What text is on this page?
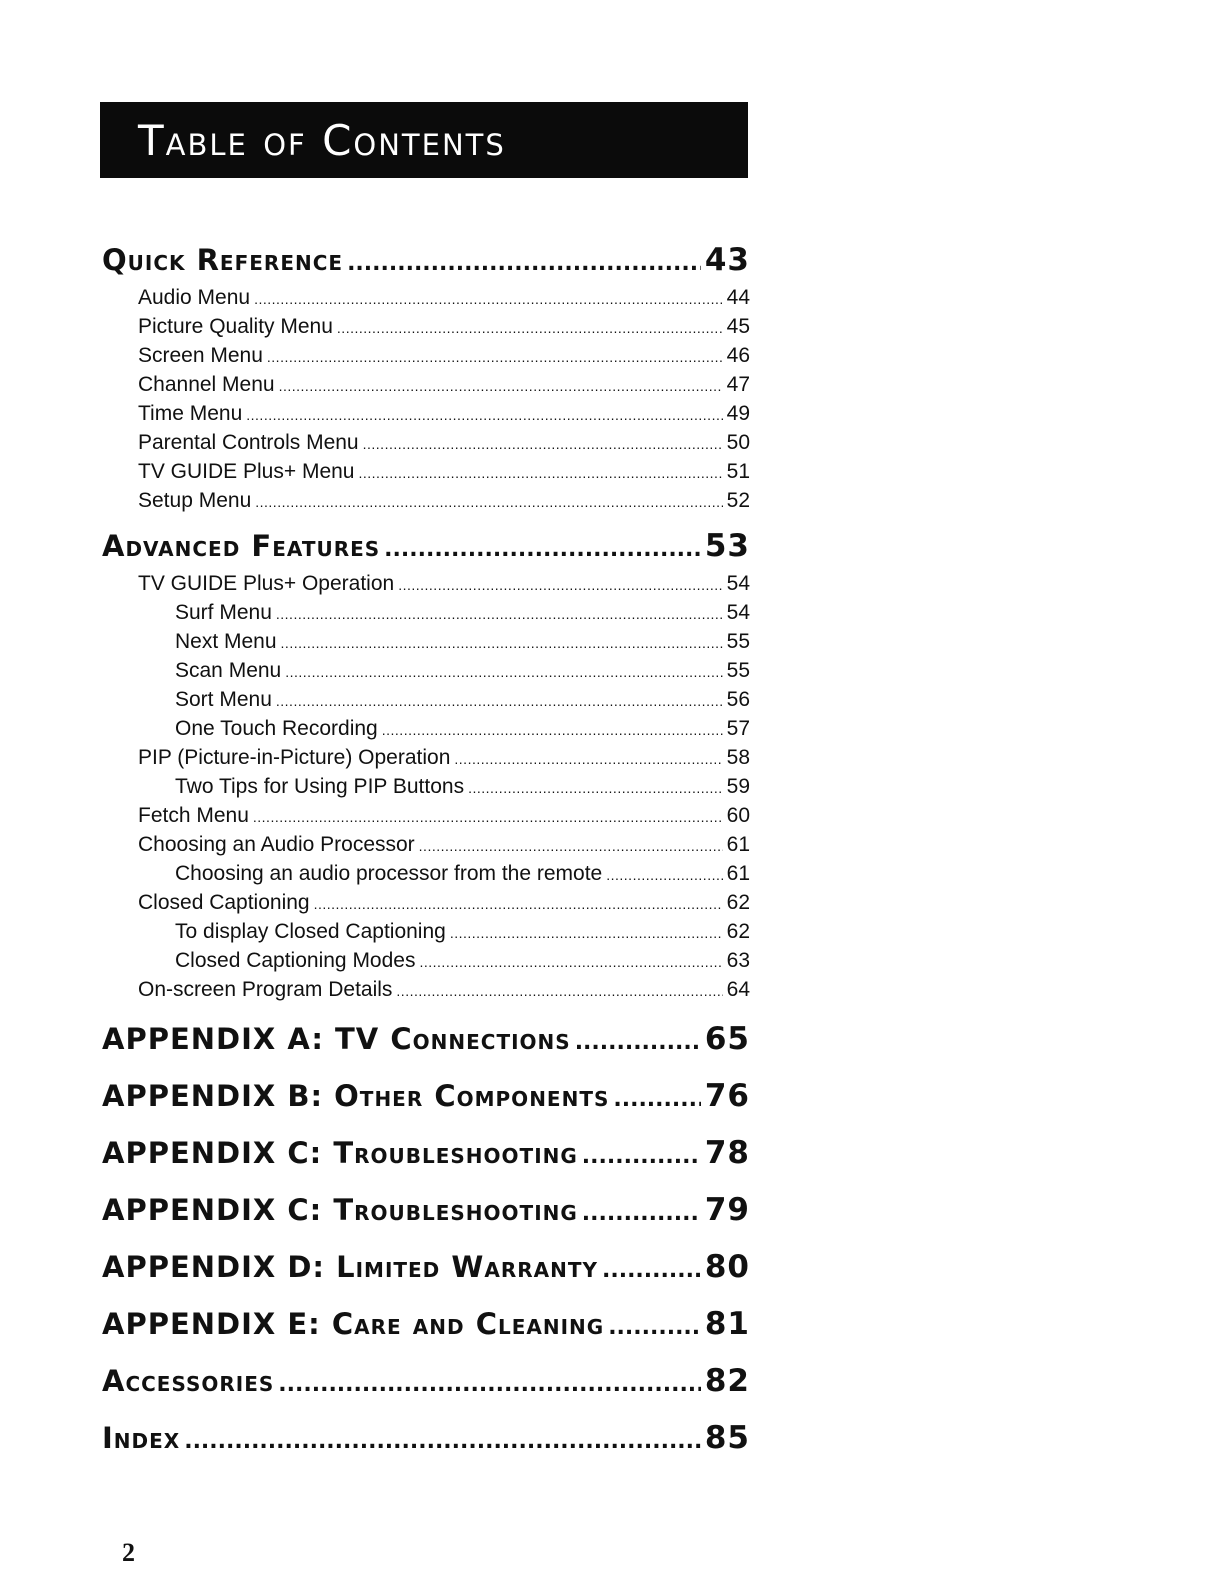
Table of Contents
Quick Reference .....	43
Audio Menu .....	44
Picture Quality Menu .....	45
Screen Menu .....	46
Channel Menu .....	47
Time Menu .....	49
Parental Controls Menu .....	50
TV GUIDE Plus+ Menu .....	51
Setup Menu .....	52
Advanced Features .....	53
TV GUIDE Plus+ Operation .....	54
Surf Menu .....	54
Next Menu .....	55
Scan Menu .....	55
Sort Menu .....	56
One Touch Recording .....	57
PIP (Picture-in-Picture) Operation .....	58
Two Tips for Using PIP Buttons .....	59
Fetch Menu .....	60
Choosing an Audio Processor .....	61
Choosing an audio processor from the remote .....	61
Closed Captioning .....	62
To display Closed Captioning .....	62
Closed Captioning Modes .....	63
On-screen Program Details .....	64
APPENDIX A: TV Connections .....	65
APPENDIX B: Other Components .....	76
APPENDIX C: Troubleshooting .....	78
APPENDIX C: Troubleshooting .....	79
APPENDIX D: Limited Warranty .....	80
APPENDIX E: Care and Cleaning .....	81
Accessories .....	82
Index .....	85
2
